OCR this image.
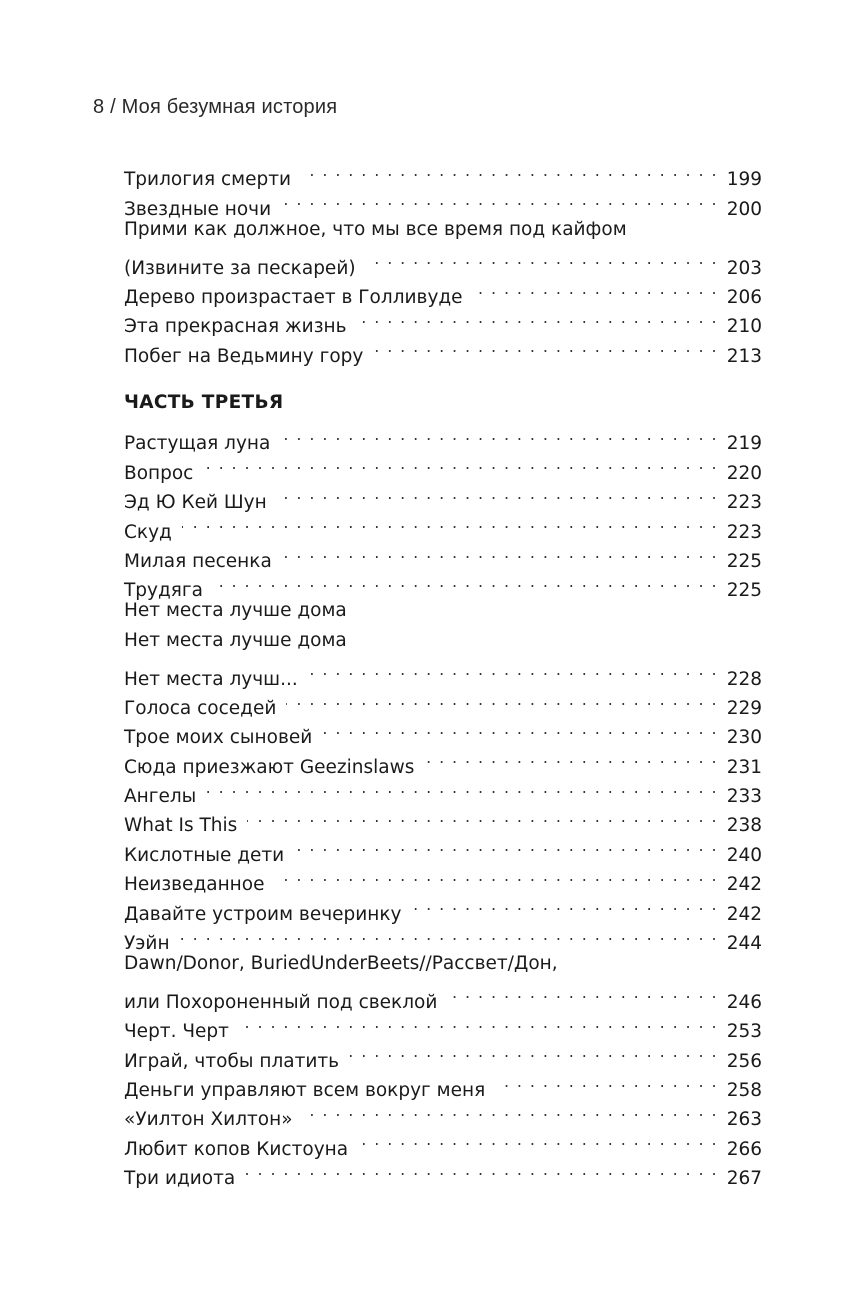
8 / Моя безумная история
Трилогия смерти . . .	199
Звездные ночи . . .	200
Прими как должное, что мы все время под кайфом
(Извините за пескарей) . . .	203
Дерево произрастает в Голливуде . . .	206
Эта прекрасная жизнь . . .	210
Побег на Ведьмину гору . . .	213
ЧАСТЬ ТРЕТЬЯ
Растущая луна . . .	219
Вопрос . . .	220
Эд Ю Кей Шун . . .	223
Скуд . . .	223
Милая песенка . . .	225
Трудяга . . .	225
Нет места лучше дома
Нет места лучше дома
Нет места лучш... . . .	228
Голоса соседей . . .	229
Трое моих сыновей . . .	230
Сюда приезжают Geezinslaws . . .	231
Ангелы . . .	233
What Is This . . .	238
Кислотные дети . . .	240
Неизведанное . . .	242
Давайте устроим вечеринку . . .	242
Уэйн . . .	244
Dawn/Donor, BuriedUnderBeets//Рассвет/Дон,
или Похороненный под свеклой . . .	246
Черт. Черт . . .	253
Играй, чтобы платить . . .	256
Деньги управляют всем вокруг меня . . .	258
«Уилтон Хилтон» . . .	263
Любит копов Кистоуна . . .	266
Три идиота . . .	267
